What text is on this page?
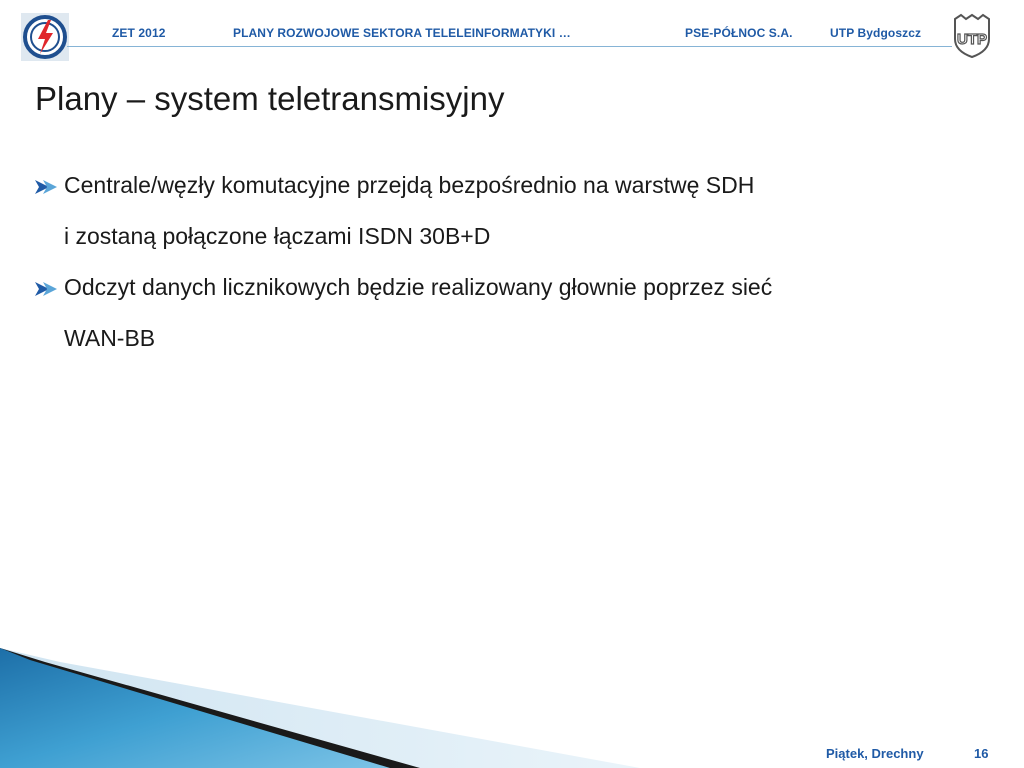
ZET 2012	PLANY ROZWOJOWE SEKTORA TELELEINFORMATYKI …	PSE-PÓŁNOC S.A.	UTP Bydgoszcz UTP
Plany – system teletransmisyjny
Centrale/węzły komutacyjne przejdą bezpośrednio na warstwę SDH
i zostaną połączone łączami ISDN 30B+D
Odczyt danych licznikowych będzie realizowany głownie poprzez sieć
WAN-BB
Piątek, Drechny	16
